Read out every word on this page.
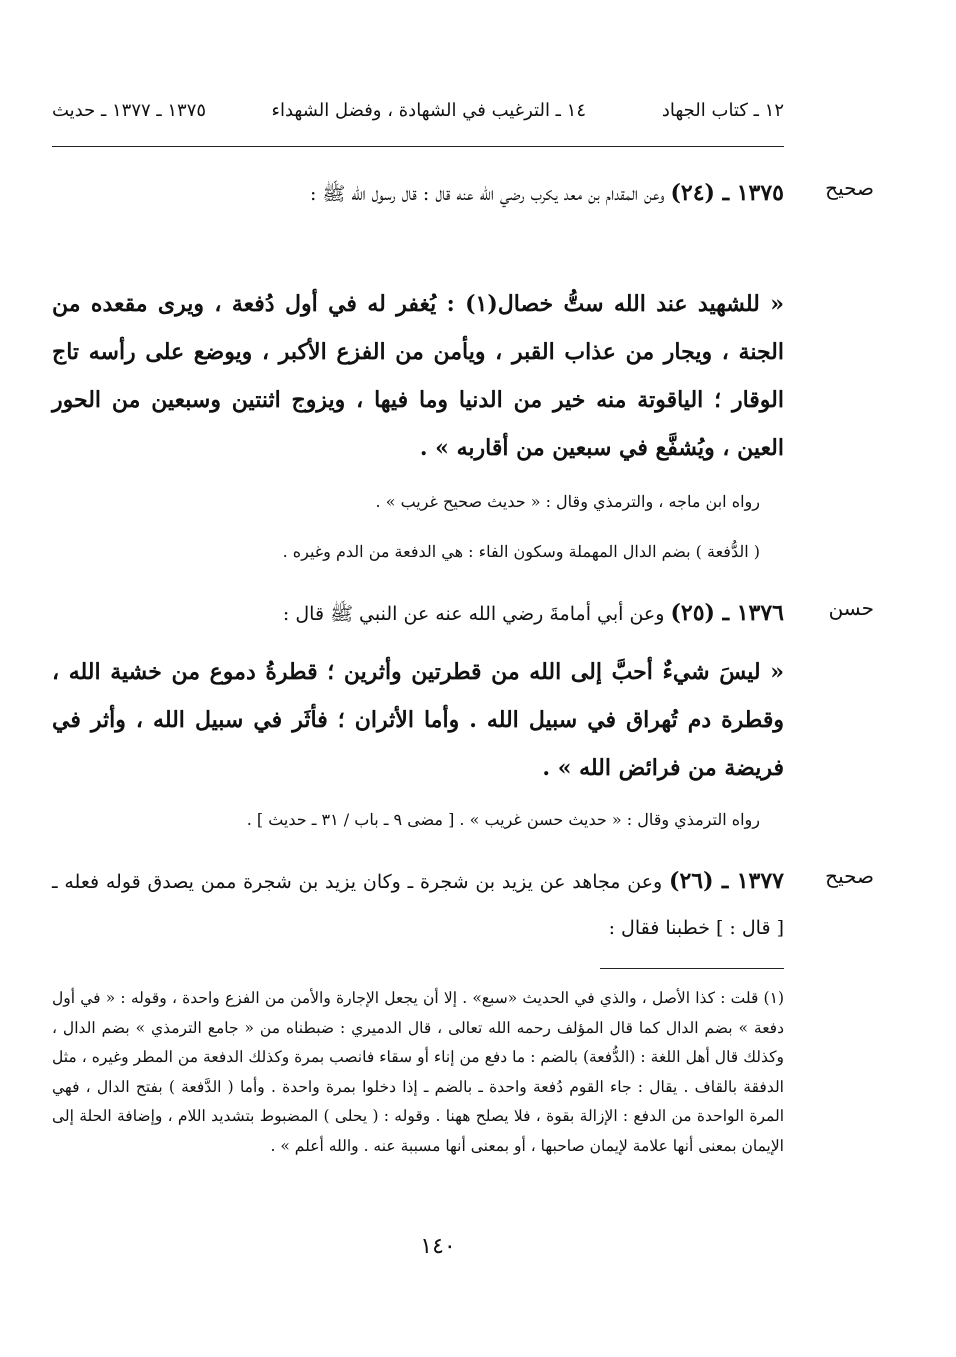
١٢ ـ كتاب الجهاد
١٤ ـ الترغيب في الشهادة ، وفضل الشهداء
١٣٧٥ ـ ١٣٧٧ ـ حديث
صحيح
١٣٧٥ ـ (٢٤) وعن المقدام بن معد يكرب رضي الله عنه قال : قال رسول الله ﷺ :
« للشهيد عند الله ستُّ خصال(١) : يُغفر له في أول دُفعة ، ويرى مقعده من الجنة ، ويجار من عذاب القبر ، ويأمن من الفزع الأكبر ، ويوضع على رأسه تاج الوقار ؛ الياقوتة منه خير من الدنيا وما فيها ، ويزوج اثنتين وسبعين من الحور العين ، ويُشفَّع في سبعين من أقاربه » .
رواه ابن ماجه ، والترمذي وقال : « حديث صحيح غريب » .
( الدُّفعة ) بضم الدال المهملة وسكون الفاء : هي الدفعة من الدم وغيره .
حسن
١٣٧٦ ـ (٢٥) وعن أبي أمامةَ رضي الله عنه عن النبي ﷺ قال :
« ليسَ شيءٌ أحبَّ إلى الله من قطرتين وأثرين ؛ قطرةُ دموع من خشية الله ، وقطرة دم تُهراق في سبيل الله . وأما الأثران ؛ فأثَر في سبيل الله ، وأثر في فريضة من فرائض الله » .
رواه الترمذي وقال : « حديث حسن غريب » . [ مضى ٩ ـ باب / ٣١ ـ حديث ] .
صحيح
١٣٧٧ ـ (٢٦) وعن مجاهد عن يزيد بن شجرة ـ وكان يزيد بن شجرة ممن يصدق قوله فعله ـ [ قال : ] خطبنا فقال :
(١) قلت : كذا الأصل ، والذي في الحديث «سبع» . إلا أن يجعل الإجارة والأمن من الفزع واحدة ، وقوله : « في أول دفعة » بضم الدال كما قال المؤلف رحمه الله تعالى ، قال الدميري : ضبطناه من « جامع الترمذي » بضم الدال ، وكذلك قال أهل اللغة : (الدُّفعة) بالضم : ما دفع من إناء أو سقاء فانصب بمرة وكذلك الدفعة من المطر وغيره ، مثل الدفقة بالقاف . يقال : جاء القوم دُفعة واحدة ـ بالضم ـ إذا دخلوا بمرة واحدة . وأما ( الدَّفعة ) بفتح الدال ، فهي المرة الواحدة من الدفع : الإزالة بقوة ، فلا يصلح ههنا . وقوله : ( يحلى ) المضبوط بتشديد اللام ، وإضافة الحلة إلى الإيمان بمعنى أنها علامة لإيمان صاحبها ، أو بمعنى أنها مسببة عنه . والله أعلم » .
١٤٠
